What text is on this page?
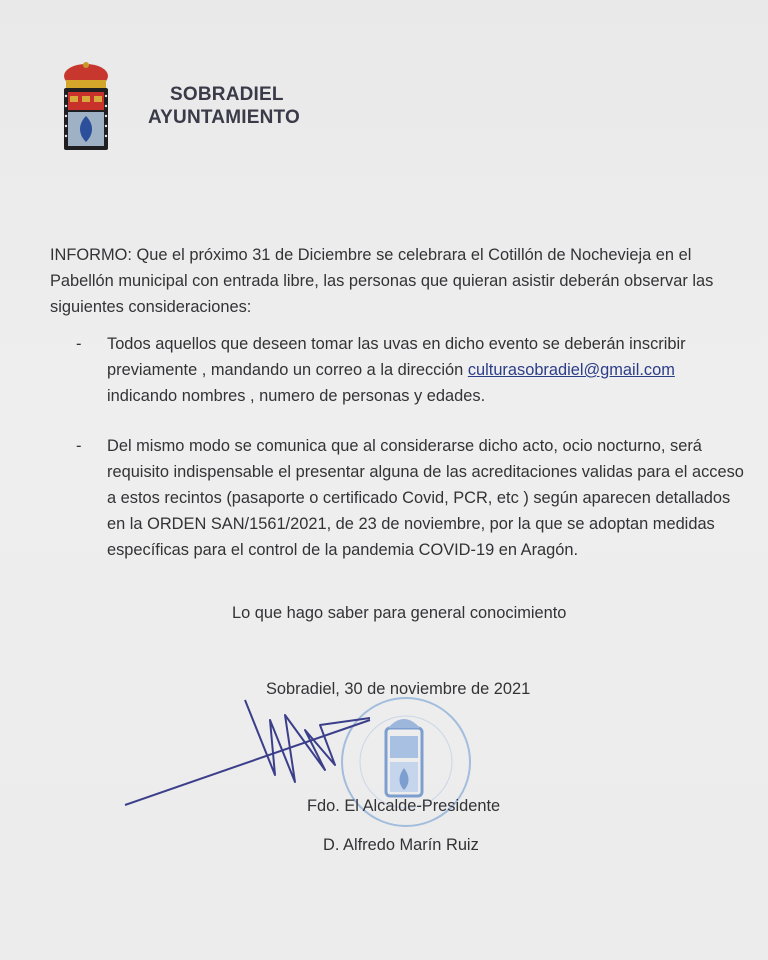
SOBRADIEL
AYUNTAMIENTO

INFORMO: Que el próximo 31 de Diciembre se celebrara el Cotillón de Nochevieja en el

Pabellón municipal con entrada libre, las personas que quieran asistir deberán observar las

siguientes consideraciones:

- Todos aquellos que deseen tomar las uvas en dicho evento se deberán inscribir
previamente , mandando un correo a la dirección culturasobradiel@gmail.com
indicando nombres , numero de personas y edades.
- Del mismo modo se comunica que al considerarse dicho acto, ocio nocturno, será
requisito indispensable el presentar alguna de las acreditaciones validas para el acceso
a estos recintos (pasaporte o certificado Covid, PCR, etc ) según aparecen detallados
en la ORDEN SAN/1561/2021, de 23 de noviembre, por la que se adoptan medidas
específicas para el control de la pandemia COVID-19 en Aragón.
Lo que hago saber para general conocimiento
Sobradiel, 30 de noviembre de 2021
Fdo. El Alcalde-Presidente
D. Alfredo Marín Ruiz
